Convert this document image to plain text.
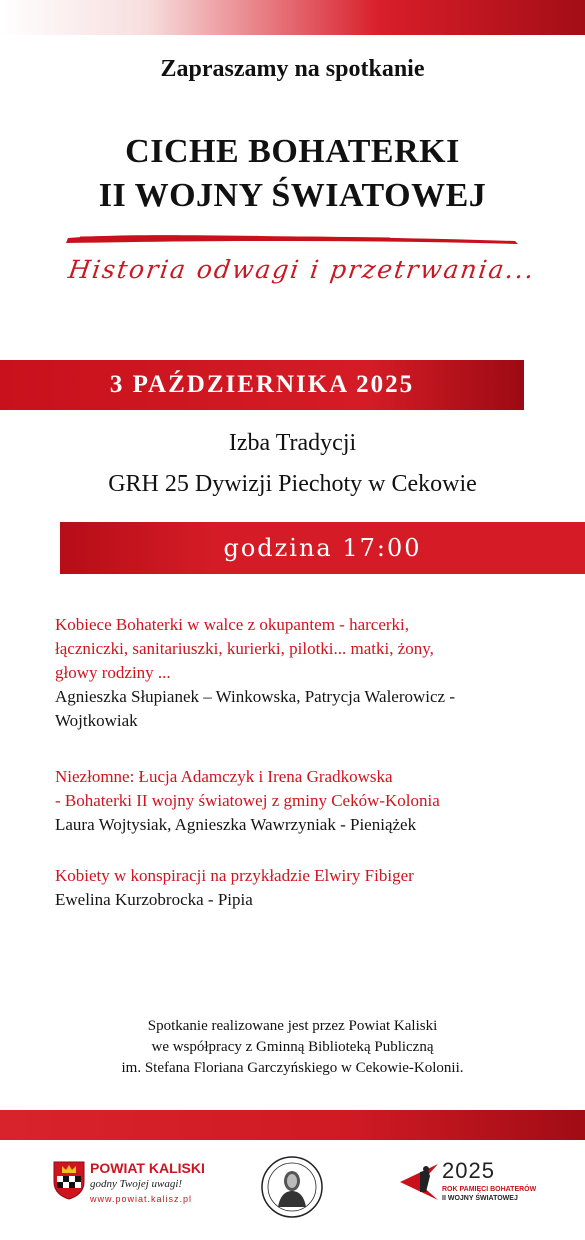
Zapraszamy na spotkanie
CICHE BOHATERKI
II WOJNY ŚWIATOWEJ
Historia odwagi i przetrwania...
3 PAŹDZIERNIKA 2025
Izba Tradycji
GRH 25 Dywizji Piechoty w Cekowie
godzina 17:00
Kobiece Bohaterki w walce z okupantem - harcerki,
łączniczki, sanitariuszki, kurierki, pilotki... matki, żony,
głowy rodziny ...
Agnieszka Słupianek – Winkowska, Patrycja Walerowicz -
Wojtkowiak
Niezłomne: Łucja Adamczyk i Irena Gradkowska
- Bohaterki II wojny światowej z gminy Ceków-Kolonia
Laura Wojtysiak, Agnieszka Wawrzyniak - Pieniążek
Kobiety w konspiracji na przykładzie Elwiry Fibiger
Ewelina Kurzobrocka - Pipia
Spotkanie realizowane jest przez Powiat Kaliski
we współpracy z Gminną Biblioteką Publiczną
im. Stefana Floriana Garczyńskiego w Cekowie-Kolonii.
POWIAT KALISKI
godny Twojej uwagi!
www.powiat.kalisz.pl
2025
ROK PAMIĘCI BOHATERÓW
II WOJNY ŚWIATOWEJ
